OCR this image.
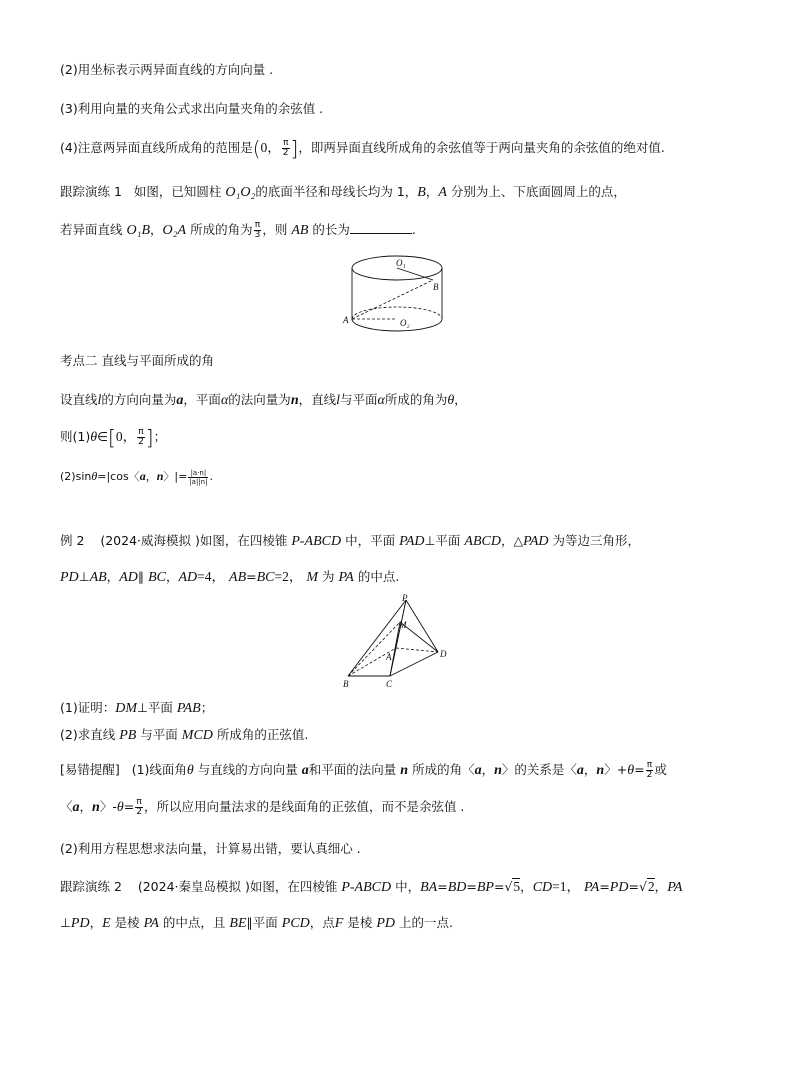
(2)用坐标表示两异面直线的方向向量 .
(3)利用向量的夹角公式求出向量夹角的余弦值 .
(4)注意两异面直线所成角的范围是(0， $\frac{\pi}{2}$ ]，即两异面直线所成角的余弦值等于两向量夹角的余弦值的绝对值.
跟踪演练 1 如图，已知圆柱 O₁O₂的底面半径和母线长均为 1，B，A 分别为上、下底面圆周上的点，
若异面直线 O₁B，O₂A 所成的角为 $\frac{\pi}{3}$ ，则 AB 的长为	.
O₁
B
A	O₂
考点二 直线与平面所成的角
设直线l的方向向量为a，平面α的法向量为n，直线l与平面α所成的角为θ，
则(1)θ∈[0， $\frac{\pi}{2}$ ]；
(2)sinθ=|cos〈a，n〉|= $\frac{|a\cdot n|}{|a||n|}$ .
例 2 (2024·威海模拟 )如图，在四棱锥 P-ABCD 中，平面 PAD⊥平面 ABCD，△PAD 为等边三角形，
PD⊥AB，AD∥ BC，AD=4， AB=BC=2， M 为 PA 的中点.
P
M
A	D
B	C
(1)证明：DM⊥平面 PAB；
(2)求直线 PB 与平面 MCD 所成角的正弦值.
[易错提醒] (1)线面角θ 与直线的方向向量 a和平面的法向量 n 所成的角〈a，n〉的关系是〈a，n〉$+\theta= \frac{\pi}{2}$ 或
〈a，n〉$-\theta= \frac{\pi}{2}$ ，所以应用向量法求的是线面角的正弦值，而不是余弦值 .
(2)利用方程思想求法向量，计算易出错，要认真细心 .
跟踪演练 2 (2024·秦皇岛模拟 )如图，在四棱锥 P-ABCD 中，BA=BD=BP=√5，CD=1， PA=PD=√2，PA
⊥PD，E 是棱 PA 的中点，且 BE∥平面 PCD，点F 是棱 PD 上的一点.
